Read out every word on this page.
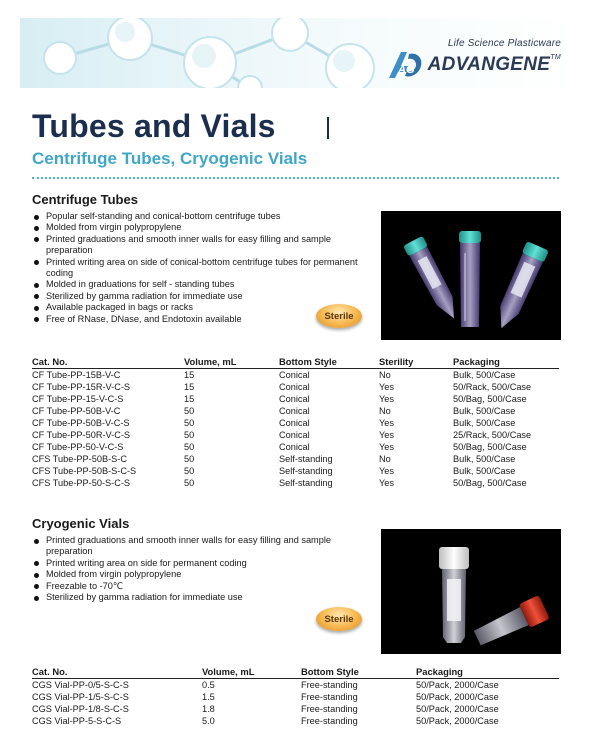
Life Science Plasticware
AG ADVANGENE™
Tubes and Vials
Centrifuge Tubes, Cryogenic Vials
Centrifuge Tubes
Popular self-standing and conical-bottom centrifuge tubes
Molded from virgin polypropylene
Printed graduations and smooth inner walls for easy filling and sample preparation
Printed writing area on side of conical-bottom centrifuge tubes for permanent coding
Molded in graduations for self - standing tubes
Sterilized by gamma radiation for immediate use
Available packaged in bags or racks
Free of RNase, DNase, and Endotoxin available	Sterile
Cat. No.	Volume, mL	Bottom Style	Sterility	Packaging
CF Tube-PP-15B-V-C	15	Conical	No	Bulk, 500/Case
CF Tube-PP-15R-V-C-S	15	Conical	Yes	50/Rack, 500/Case
CF Tube-PP-15-V-C-S	15	Conical	Yes	50/Bag, 500/Case
CF Tube-PP-50B-V-C	50	Conical	No	Bulk, 500/Case
CF Tube-PP-50B-V-C-S	50	Conical	Yes	Bulk, 500/Case
CF Tube-PP-50R-V-C-S	50	Conical	Yes	25/Rack, 500/Case
CF Tube-PP-50-V-C-S	50	Conical	Yes	50/Bag, 500/Case
CFS Tube-PP-50B-S-C	50	Self-standing	No	Bulk, 500/Case
CFS Tube-PP-50B-S-C-S	50	Self-standing	Yes	Bulk, 500/Case
CFS Tube-PP-50-S-C-S	50	Self-standing	Yes	50/Bag, 500/Case
Cryogenic Vials
Printed graduations and smooth inner walls for easy filling and sample preparation
Printed writing area on side for permanent coding
Molded from virgin polypropylene
Freezable to -70℃
Sterilized by gamma radiation for immediate use
Sterile
Cat. No.	Volume, mL	Bottom Style	Packaging
CGS Vial-PP-0/5-S-C-S	0.5	Free-standing	50/Pack, 2000/Case
CGS Vial-PP-1/5-S-C-S	1.5	Free-standing	50/Pack, 2000/Case
CGS Vial-PP-1/8-S-C-S	1.8	Free-standing	50/Pack, 2000/Case
CGS Vial-PP-5-S-C-S	5.0	Free-standing	50/Pack, 2000/Case
